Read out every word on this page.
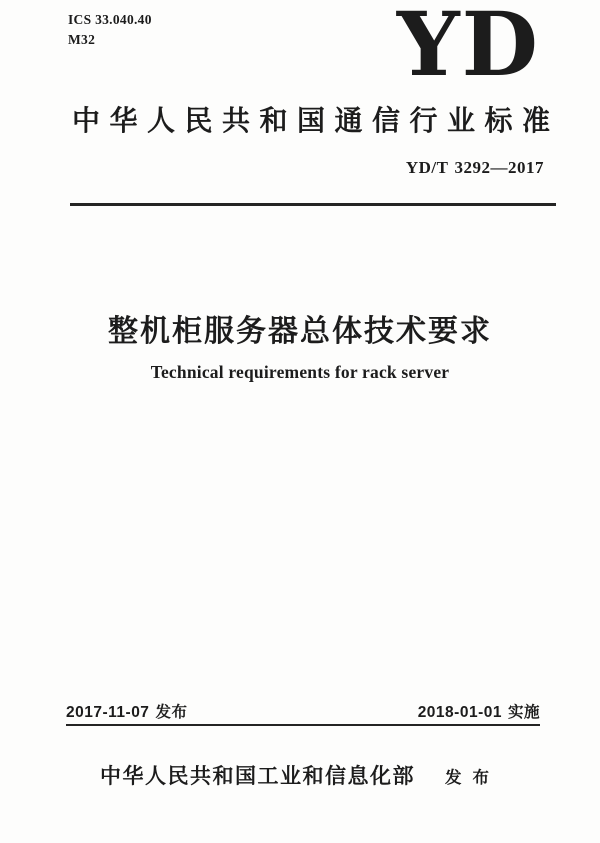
ICS 33.040.40
M32	YD
中华人民共和国通信行业标准
YD/T 3292—2017
整机柜服务器总体技术要求
Technical requirements for rack server
2017-11-07 发布	2018-01-01 实施
中华人民共和国工业和信息化部 发布
